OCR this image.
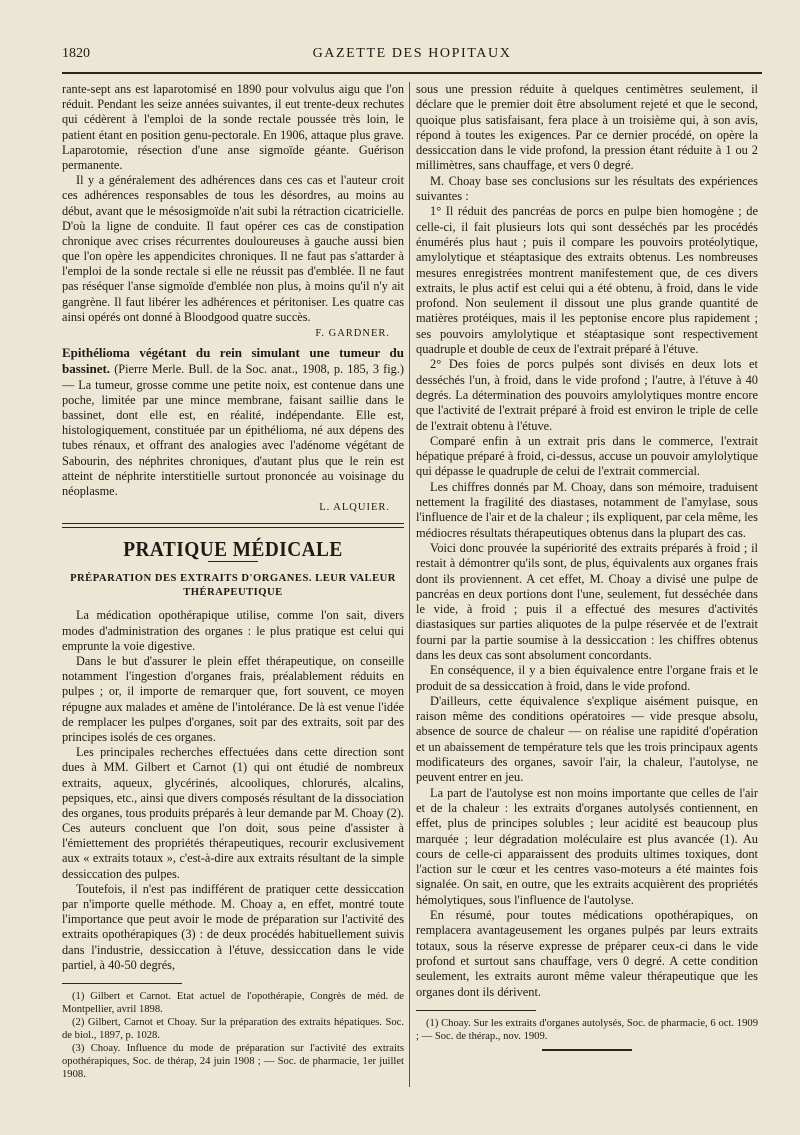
1820	GAZETTE DES HOPITAUX

rante-sept ans est laparotomisé en 1890 pour volvulus aigu que l'on réduit. Pendant les seize années suivantes, il eut trente-deux rechutes qui cédèrent à l'emploi de la sonde rectale poussée très loin, le patient étant en position genu-pectorale. En 1906, attaque plus grave. Laparotomie, résection d'une anse sigmoïde géante. Guérison permanente.

Il y a généralement des adhérences dans ces cas et l'auteur croit ces adhérences responsables de tous les désordres, au moins au début, avant que le mésosigmoïde n'ait subi la rétraction cicatricielle. D'où la ligne de conduite. Il faut opérer ces cas de constipation chronique avec crises récurrentes douloureuses à gauche aussi bien que l'on opère les appendicites chroniques. Il ne faut pas s'attarder à l'emploi de la sonde rectale si elle ne réussit pas d'emblée. Il ne faut pas réséquer l'anse sigmoïde d'emblée non plus, à moins qu'il n'y ait gangrène. Il faut libérer les adhérences et péritoniser. Les quatre cas ainsi opérés ont donné à Bloodgood quatre succès.

F. GARDNER.

Epithélioma végétant du rein simulant une tumeur du bassinet. (Pierre Merle. Bull. de la Soc. anat., 1908, p. 185, 3 fig.) — La tumeur, grosse comme une petite noix, est contenue dans une poche, limitée par une mince membrane, faisant saillie dans le bassinet, dont elle est, en réalité, indépendante. Elle est, histologiquement, constituée par un épithélioma, né aux dépens des tubes rénaux, et offrant des analogies avec l'adénome végétant de Sabourin, des néphrites chroniques, d'autant plus que le rein est atteint de néphrite interstitielle surtout prononcée au voisinage du néoplasme.

L. ALQUIER.
PRATIQUE MÉDICALE
PRÉPARATION DES EXTRAITS D'ORGANES. LEUR VALEUR THÉRAPEUTIQUE

La médication opothérapique utilise, comme l'on sait, divers modes d'administration des organes : le plus pratique est celui qui emprunte la voie digestive.

Dans le but d'assurer le plein effet thérapeutique, on conseille notamment l'ingestion d'organes frais, préalablement réduits en pulpes ; or, il importe de remarquer que, fort souvent, ce moyen répugne aux malades et amène de l'intolérance. De là est venue l'idée de remplacer les pulpes d'organes, soit par des extraits, soit par des principes isolés de ces organes.

Les principales recherches effectuées dans cette direction sont dues à MM. Gilbert et Carnot (1) qui ont étudié de nombreux extraits, aqueux, glycérinés, alcooliques, chlorurés, alcalins, pepsiques, etc., ainsi que divers composés résultant de la dissociation des organes, tous produits préparés à leur demande par M. Choay (2). Ces auteurs concluent que l'on doit, sous peine d'assister à l'émiettement des propriétés thérapeutiques, recourir exclusivement aux « extraits totaux », c'est-à-dire aux extraits résultant de la simple dessiccation des pulpes.

Toutefois, il n'est pas indifférent de pratiquer cette dessiccation par n'importe quelle méthode. M. Choay a, en effet, montré toute l'importance que peut avoir le mode de préparation sur l'activité des extraits opothérapiques (3) : de deux procédés habituellement suivis dans l'industrie, dessiccation à l'étuve, dessiccation dans le vide partiel, à 40-50 degrés,

(1) Gilbert et Carnot. Etat actuel de l'opothérapie, Congrès de méd. de Montpellier, avril 1898.

(2) Gilbert, Carnot et Choay. Sur la préparation des extraits hépatiques. Soc. de biol., 1897, p. 1028.

(3) Choay. Influence du mode de préparation sur l'activité des extraits opothérapiques, Soc. de thérap, 24 juin 1908 ; — Soc. de pharmacie, 1er juillet 1908.

sous une pression réduite à quelques centimètres seulement, il déclare que le premier doit être absolument rejeté et que le second, quoique plus satisfaisant, fera place à un troisième qui, à son avis, répond à toutes les exigences. Par ce dernier procédé, on opère la dessiccation dans le vide profond, la pression étant réduite à 1 ou 2 millimètres, sans chauffage, et vers 0 degré.

M. Choay base ses conclusions sur les résultats des expériences suivantes :

1° Il réduit des pancréas de porcs en pulpe bien homogène ; de celle-ci, il fait plusieurs lots qui sont desséchés par les procédés énumérés plus haut ; puis il compare les pouvoirs protéolytique, amylolytique et stéaptasique des extraits obtenus. Les nombreuses mesures enregistrées montrent manifestement que, de ces divers extraits, le plus actif est celui qui a été obtenu, à froid, dans le vide profond. Non seulement il dissout une plus grande quantité de matières protéiques, mais il les peptonise encore plus rapidement ; ses pouvoirs amylolytique et stéaptasique sont respectivement quadruple et double de ceux de l'extrait préparé à l'étuve.

2° Des foies de porcs pulpés sont divisés en deux lots et desséchés l'un, à froid, dans le vide profond ; l'autre, à l'étuve à 40 degrés. La détermination des pouvoirs amylolytiques montre encore que l'activité de l'extrait préparé à froid est environ le triple de celle de l'extrait obtenu à l'étuve.

Comparé enfin à un extrait pris dans le commerce, l'extrait hépatique préparé à froid, ci-dessus, accuse un pouvoir amylolytique qui dépasse le quadruple de celui de l'extrait commercial.

Les chiffres donnés par M. Choay, dans son mémoire, traduisent nettement la fragilité des diastases, notamment de l'amylase, sous l'influence de l'air et de la chaleur ; ils expliquent, par cela même, les médiocres résultats thérapeutiques obtenus dans la plupart des cas.

Voici donc prouvée la supériorité des extraits préparés à froid ; il restait à démontrer qu'ils sont, de plus, équivalents aux organes frais dont ils proviennent. A cet effet, M. Choay a divisé une pulpe de pancréas en deux portions dont l'une, seulement, fut desséchée dans le vide, à froid ; puis il a effectué des mesures d'activités diastasiques sur parties aliquotes de la pulpe réservée et de l'extrait fourni par la partie soumise à la dessiccation : les chiffres obtenus dans les deux cas sont absolument concordants.

En conséquence, il y a bien équivalence entre l'organe frais et le produit de sa dessiccation à froid, dans le vide profond.

D'ailleurs, cette équivalence s'explique aisément puisque, en raison même des conditions opératoires — vide presque absolu, absence de source de chaleur — on réalise une rapidité d'opération et un abaissement de température tels que les trois principaux agents modificateurs des organes, savoir l'air, la chaleur, l'autolyse, ne peuvent entrer en jeu.

La part de l'autolyse est non moins importante que celles de l'air et de la chaleur : les extraits d'organes autolysés contiennent, en effet, plus de principes solubles ; leur acidité est beaucoup plus marquée ; leur dégradation moléculaire est plus avancée (1). Au cours de celle-ci apparaissent des produits ultimes toxiques, dont l'action sur le cœur et les centres vaso-moteurs a été maintes fois signalée. On sait, en outre, que les extraits acquièrent des propriétés hémolytiques, sous l'influence de l'autolyse.

En résumé, pour toutes médications opothérapiques, on remplacera avantageusement les organes pulpés par leurs extraits totaux, sous la réserve expresse de préparer ceux-ci dans le vide profond et surtout sans chauffage, vers 0 degré. A cette condition seulement, les extraits auront même valeur thérapeutique que les organes dont ils dérivent.

(1) Choay. Sur les extraits d'organes autolysés, Soc. de pharmacie, 6 oct. 1909 ; — Soc. de thérap., nov. 1909.
